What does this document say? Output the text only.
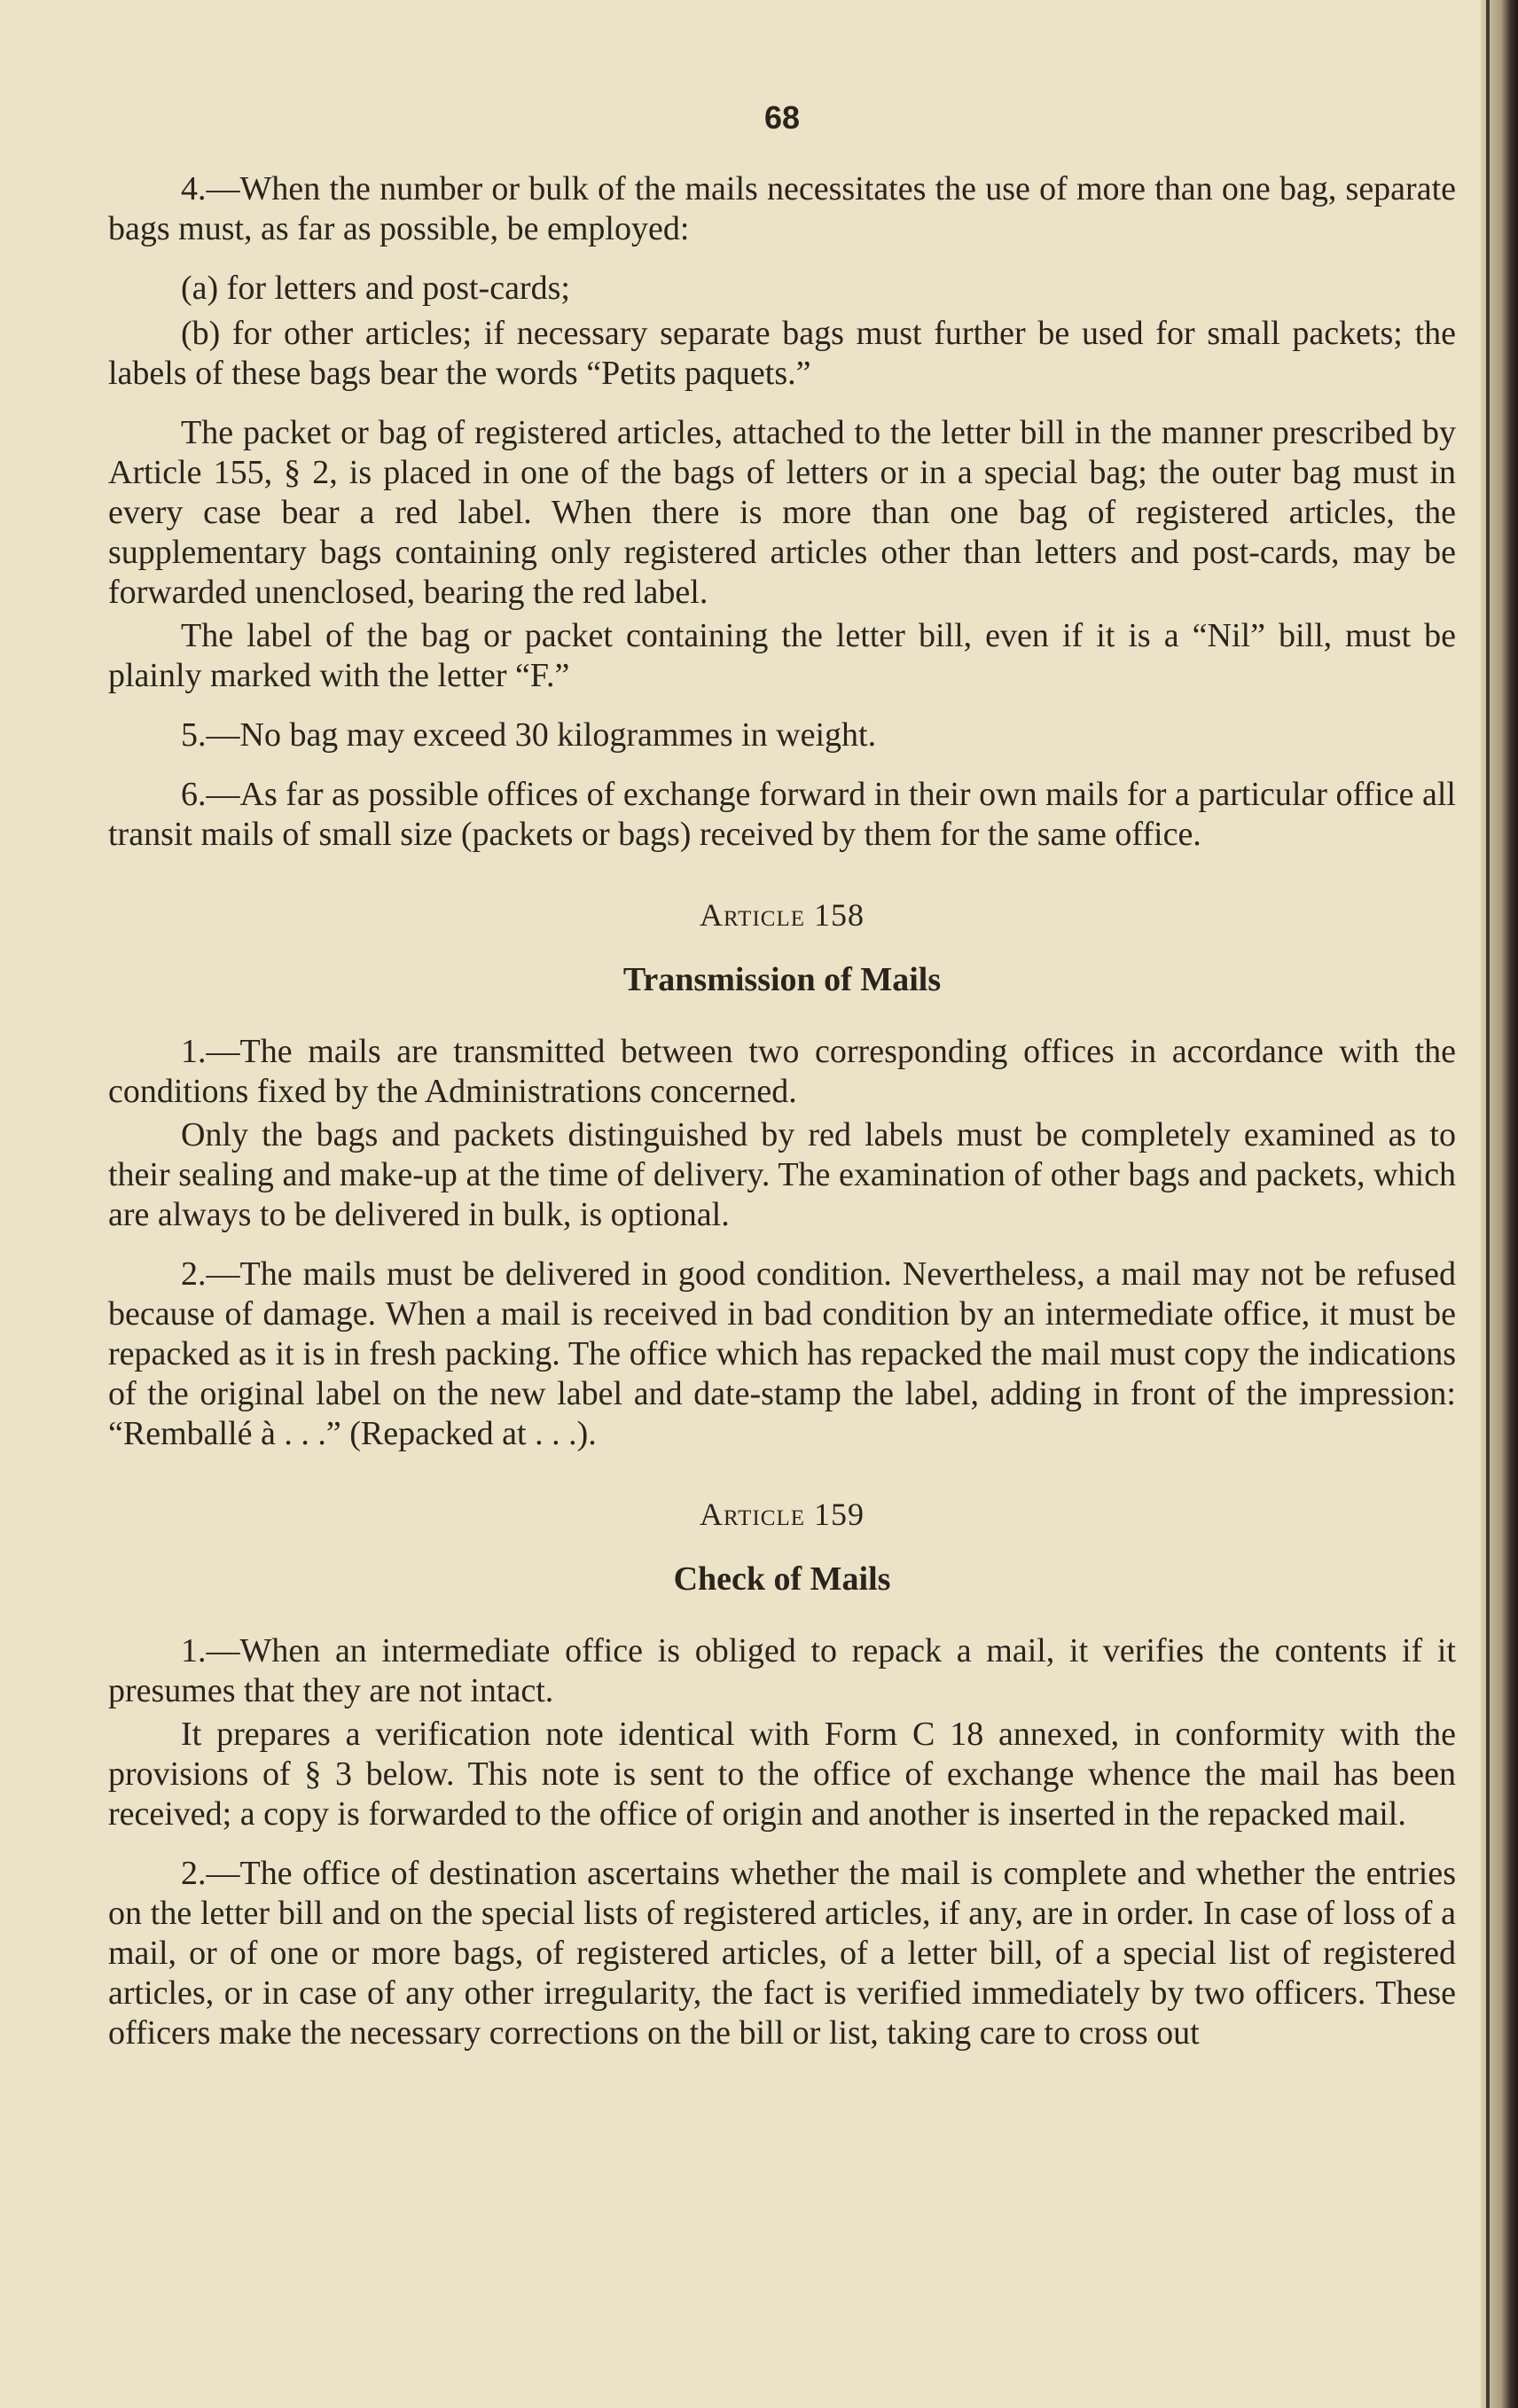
68

4.—When the number or bulk of the mails necessitates the use of more than one bag, separate bags must, as far as possible, be employed:

(a) for letters and post-cards;

(b) for other articles; if necessary separate bags must further be used for small packets; the labels of these bags bear the words “Petits paquets.”

The packet or bag of registered articles, attached to the letter bill in the manner prescribed by Article 155, § 2, is placed in one of the bags of letters or in a special bag; the outer bag must in every case bear a red label. When there is more than one bag of registered articles, the supplementary bags containing only registered articles other than letters and post-cards, may be forwarded unenclosed, bearing the red label.

The label of the bag or packet containing the letter bill, even if it is a “Nil” bill, must be plainly marked with the letter “F.”

5.—No bag may exceed 30 kilogrammes in weight.

6.—As far as possible offices of exchange forward in their own mails for a particular office all transit mails of small size (packets or bags) received by them for the same office.

Article 158
Transmission of Mails

1.—The mails are transmitted between two corresponding offices in accordance with the conditions fixed by the Administrations concerned.

Only the bags and packets distinguished by red labels must be completely examined as to their sealing and make-up at the time of delivery. The examination of other bags and packets, which are always to be delivered in bulk, is optional.

2.—The mails must be delivered in good condition. Nevertheless, a mail may not be refused because of damage. When a mail is received in bad condition by an intermediate office, it must be repacked as it is in fresh packing. The office which has repacked the mail must copy the indications of the original label on the new label and date-stamp the label, adding in front of the impression: “Remballé à . . .” (Repacked at . . .).

Article 159
Check of Mails

1.—When an intermediate office is obliged to repack a mail, it verifies the contents if it presumes that they are not intact.

It prepares a verification note identical with Form C 18 annexed, in conformity with the provisions of § 3 below. This note is sent to the office of exchange whence the mail has been received; a copy is forwarded to the office of origin and another is inserted in the repacked mail.

2.—The office of destination ascertains whether the mail is complete and whether the entries on the letter bill and on the special lists of registered articles, if any, are in order. In case of loss of a mail, or of one or more bags, of registered articles, of a letter bill, of a special list of registered articles, or in case of any other irregularity, the fact is verified immediately by two officers. These officers make the necessary corrections on the bill or list, taking care to cross out
